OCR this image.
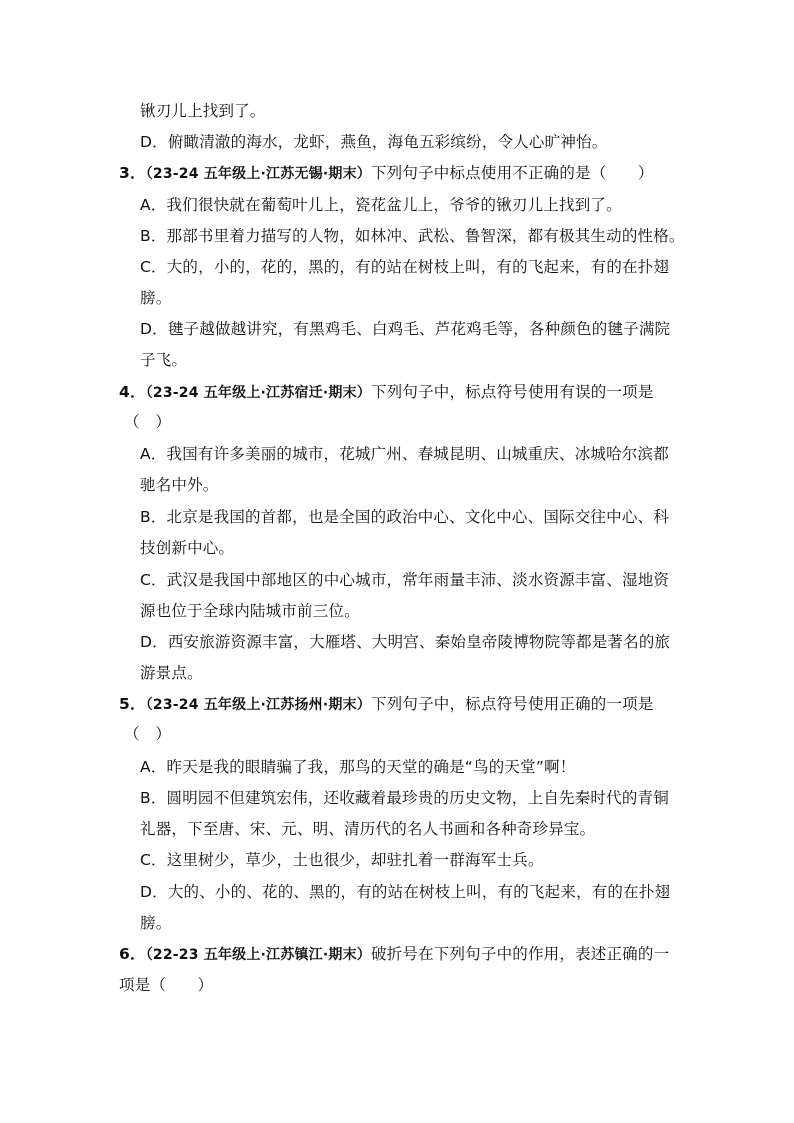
锹刃儿上找到了。
D．俯瞰清澈的海水，龙虾，燕鱼，海龟五彩缤纷，令人心旷神怡。
3．（23-24 五年级上·江苏无锡·期末）下列句子中标点使用不正确的是（　　）
A．我们很快就在葡萄叶儿上，瓷花盆儿上，爷爷的锹刃儿上找到了。
B．那部书里着力描写的人物，如林冲、武松、鲁智深，都有极其生动的性格。
C．大的，小的，花的，黑的，有的站在树枝上叫，有的飞起来，有的在扑翅
膀。
D．毽子越做越讲究，有黑鸡毛、白鸡毛、芦花鸡毛等，各种颜色的毽子满院
子飞。
4．（23-24 五年级上·江苏宿迁·期末）下列句子中，标点符号使用有误的一项是
（　）
A．我国有许多美丽的城市，花城广州、春城昆明、山城重庆、冰城哈尔滨都
驰名中外。
B．北京是我国的首都，也是全国的政治中心、文化中心、国际交往中心、科
技创新中心。
C．武汉是我国中部地区的中心城市，常年雨量丰沛、淡水资源丰富、湿地资
源也位于全球内陆城市前三位。
D．西安旅游资源丰富，大雁塔、大明宫、秦始皇帝陵博物院等都是著名的旅
游景点。
5．（23-24 五年级上·江苏扬州·期末）下列句子中，标点符号使用正确的一项是
（　）
A．昨天是我的眼睛骗了我，那鸟的天堂的确是“鸟的天堂”啊！
B．圆明园不但建筑宏伟，还收藏着最珍贵的历史文物，上自先秦时代的青铜
礼器，下至唐、宋、元、明、清历代的名人书画和各种奇珍异宝。
C．这里树少，草少，土也很少，却驻扎着一群海军士兵。
D．大的、小的、花的、黑的，有的站在树枝上叫，有的飞起来，有的在扑翅
膀。
6．（22-23 五年级上·江苏镇江·期末）破折号在下列句子中的作用，表述正确的一
项是（　　）
